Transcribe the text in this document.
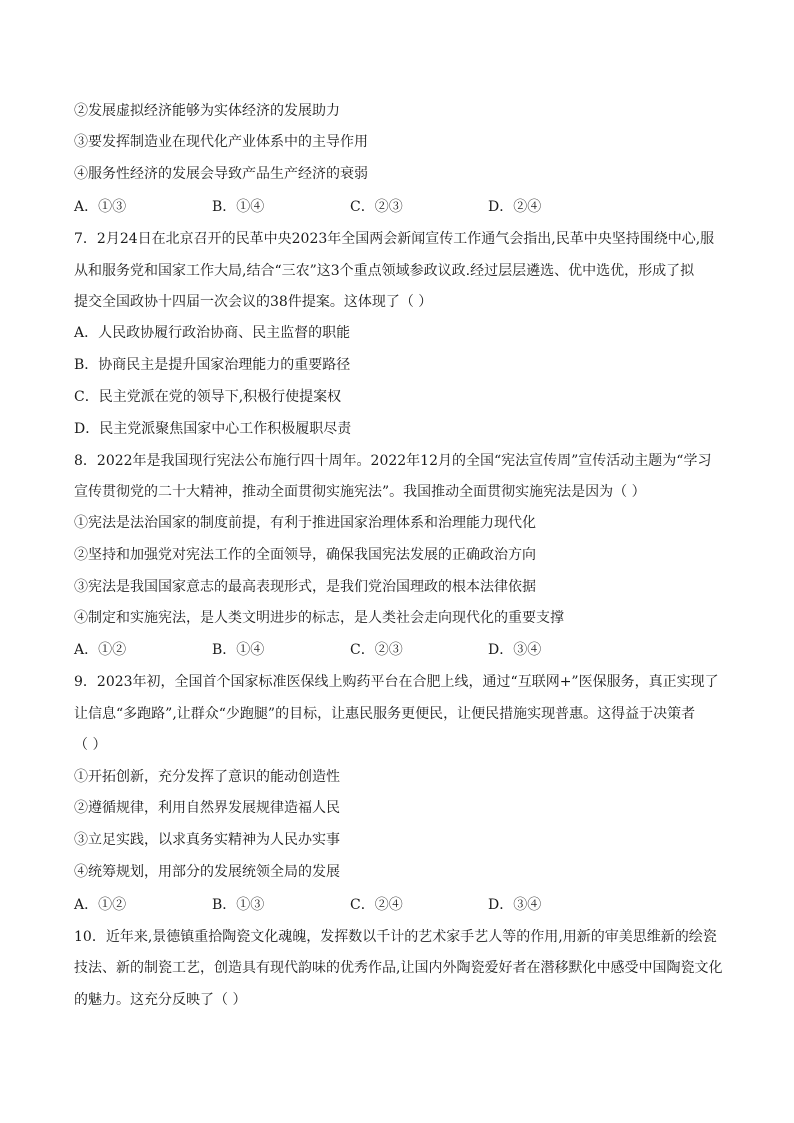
②发展虚拟经济能够为实体经济的发展助力
③要发挥制造业在现代化产业体系中的主导作用
④服务性经济的发展会导致产品生产经济的衰弱
A．①③	B．①④	C．②③	D．②④
7．2月24日在北京召开的民革中央2023年全国两会新闻宣传工作通气会指出,民革中央坚持围绕中心,服
从和服务党和国家工作大局,结合“三农”这3个重点领域参政议政.经过层层遴选、优中选优，形成了拟
提交全国政协十四届一次会议的38件提案。这体现了（ ）
A．人民政协履行政治协商、民主监督的职能
B．协商民主是提升国家治理能力的重要路径
C．民主党派在党的领导下,积极行使提案权
D．民主党派聚焦国家中心工作积极履职尽责
8．2022年是我国现行宪法公布施行四十周年。2022年12月的全国“宪法宣传周”宣传活动主题为“学习
宣传贯彻党的二十大精神，推动全面贯彻实施宪法”。我国推动全面贯彻实施宪法是因为（ ）
①宪法是法治国家的制度前提，有利于推进国家治理体系和治理能力现代化
②坚持和加强党对宪法工作的全面领导，确保我国宪法发展的正确政治方向
③宪法是我国国家意志的最高表现形式，是我们党治国理政的根本法律依据
④制定和实施宪法，是人类文明进步的标志，是人类社会走向现代化的重要支撑
A．①②	B．①④	C．②③	D．③④
9．2023年初，全国首个国家标准医保线上购药平台在合肥上线，通过“互联网+”医保服务，真正实现了
让信息“多跑路”,让群众“少跑腿”的目标，让惠民服务更便民，让便民措施实现普惠。这得益于决策者
（ ）
①开拓创新，充分发挥了意识的能动创造性
②遵循规律，利用自然界发展规律造福人民
③立足实践，以求真务实精神为人民办实事
④统筹规划，用部分的发展统领全局的发展
A．①②	B．①③	C．②④	D．③④
10．近年来,景德镇重拾陶瓷文化魂魄，发挥数以千计的艺术家手艺人等的作用,用新的审美思维新的绘瓷
技法、新的制瓷工艺，创造具有现代韵味的优秀作品,让国内外陶瓷爱好者在潜移默化中感受中国陶瓷文化
的魅力。这充分反映了（ ）
